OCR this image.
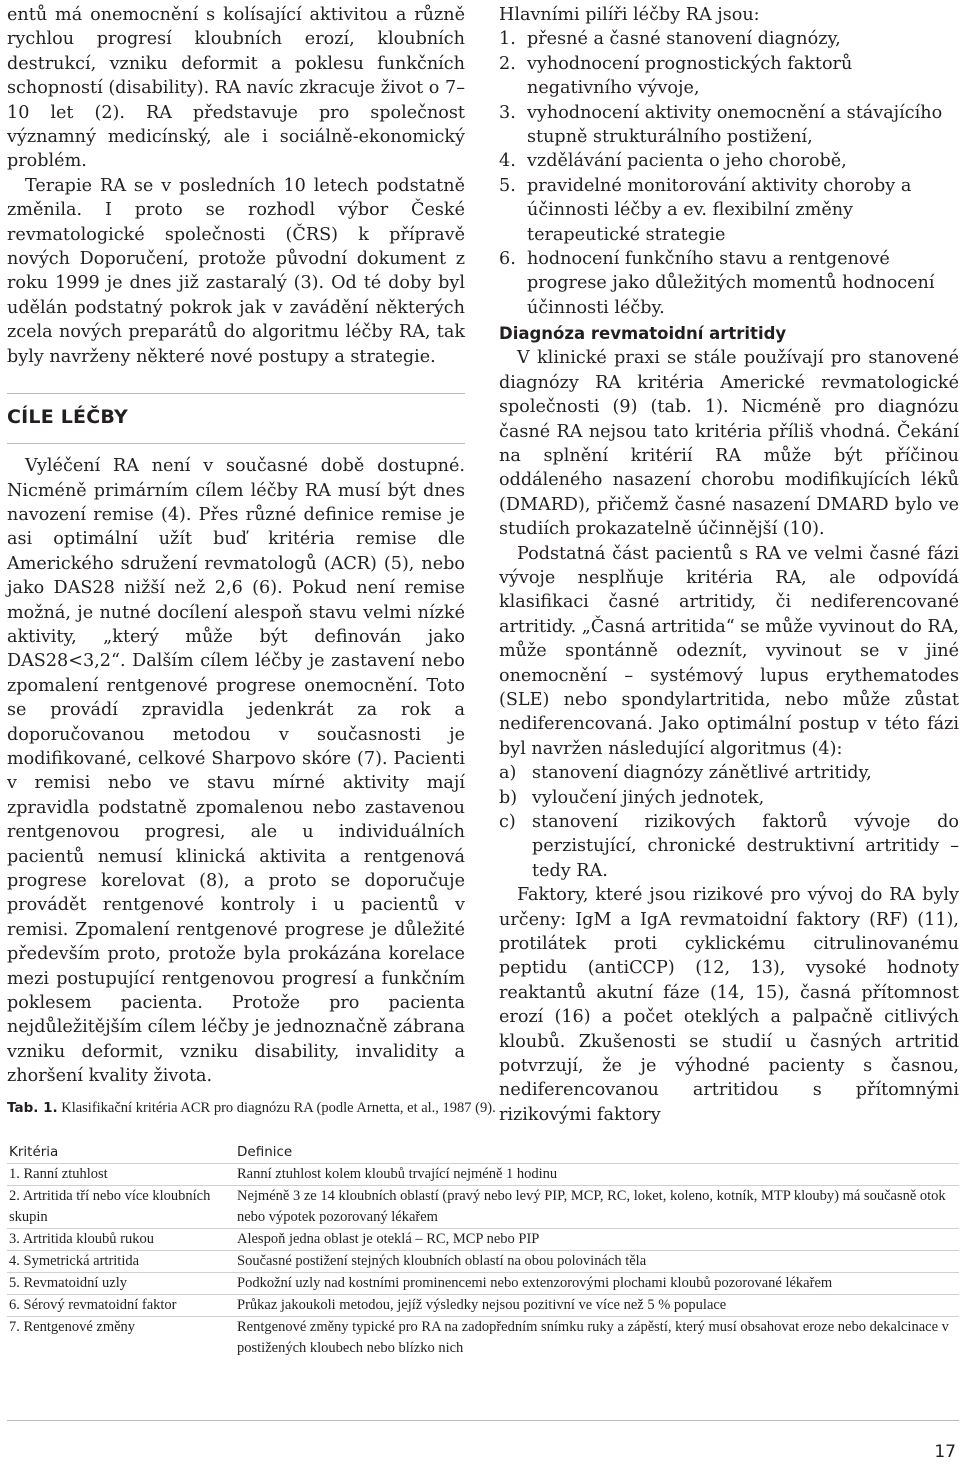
entů má onemocnění s kolísající aktivitou a různě rychlou progresí kloubních erozí, kloubních destrukcí, vzniku deformit a poklesu funkčních schopností (disability). RA navíc zkracuje život o 7–10 let (2). RA představuje pro společnost významný medicínský, ale i sociálně-ekonomický problém.

Terapie RA se v posledních 10 letech podstatně změnila. I proto se rozhodl výbor České revmatologické společnosti (ČRS) k přípravě nových Doporučení, protože původní dokument z roku 1999 je dnes již zastaralý (3). Od té doby byl udělán podstatný pokrok jak v zavádění některých zcela nových preparátů do algoritmu léčby RA, tak byly navrženy některé nové postupy a strategie.

CÍLE LÉČBY

Vyléčení RA není v současné době dostupné. Nicméně primárním cílem léčby RA musí být dnes navození remise (4). Přes různé definice remise je asi optimální užít buď kritéria remise dle Amerického sdružení revmatologů (ACR) (5), nebo jako DAS28 nižší než 2,6 (6). Pokud není remise možná, je nutné docílení alespoň stavu velmi nízké aktivity, „který může být definován jako DAS28<3,2“. Dalším cílem léčby je zastavení nebo zpomalení rentgenové progrese onemocnění. Toto se provádí zpravidla jedenkrát za rok a doporučovanou metodou v současnosti je modifikované, celkové Sharpovo skóre (7). Pacienti v remisi nebo ve stavu mírné aktivity mají zpravidla podstatně zpomalenou nebo zastavenou rentgenovou progresi, ale u individuálních pacientů nemusí klinická aktivita a rentgenová progrese korelovat (8), a proto se doporučuje provádět rentgenové kontroly i u pacientů v remisi. Zpomalení rentgenové progrese je důležité především proto, protože byla prokázána korelace mezi postupující rentgenovou progresí a funkčním poklesem pacienta. Protože pro pacienta nejdůležitějším cílem léčby je jednoznačně zábrana vzniku deformit, vzniku disability, invalidity a zhoršení kvality života.

Hlavními pilíři léčby RA jsou:
1. přesné a časné stanovení diagnózy,
2. vyhodnocení prognostických faktorů negativního vývoje,
3. vyhodnocení aktivity onemocnění a stávajícího stupně strukturálního postižení,
4. vzdělávání pacienta o jeho chorobě,
5. pravidelné monitorování aktivity choroby a účinnosti léčby a ev. flexibilní změny terapeutické strategie
6. hodnocení funkčního stavu a rentgenové progrese jako důležitých momentů hodnocení účinnosti léčby.
Diagnóza revmatoidní artritidy

V klinické praxi se stále používají pro stanovené diagnózy RA kritéria Americké revmatologické společnosti (9) (tab. 1). Nicméně pro diagnózu časné RA nejsou tato kritéria příliš vhodná. Čekání na splnění kritérií RA může být příčinou oddáleného nasazení chorobu modifikujících léků (DMARD), přičemž časné nasazení DMARD bylo ve studiích prokazatelně účinnější (10).

Podstatná část pacientů s RA ve velmi časné fázi vývoje nesplňuje kritéria RA, ale odpovídá klasifikaci časné artritidy, či nediferencované artritidy. „Časná artritida“ se může vyvinout do RA, může spontánně odeznít, vyvinout se v jiné onemocnění – systémový lupus erythematodes (SLE) nebo spondylartritida, nebo může zůstat nediferencovaná. Jako optimální postup v této fázi byl navržen následující algoritmus (4):

a) stanovení diagnózy zánětlivé artritidy,
b) vyloučení jiných jednotek,
c) stanovení rizikových faktorů vývoje do perzistující, chronické destruktivní artritidy – tedy RA.

Faktory, které jsou rizikové pro vývoj do RA byly určeny: IgM a IgA revmatoidní faktory (RF) (11), protilátek proti cyklickému citrulinovanému peptidu (antiCCP) (12, 13), vysoké hodnoty reaktantů akutní fáze (14, 15), časná přítomnost erozí (16) a počet oteklých a palpačně citlivých kloubů. Zkušenosti se studií u časných artritid potvrzují, že je výhodné pacienty s časnou, nediferencovanou artritidou s přítomnými rizikovými faktory

Tab. 1. Klasifikační kritéria ACR pro diagnózu RA (podle Arnetta, et al., 1987 (9).
Kritéria	Definice
1. Ranní ztuhlost	Ranní ztuhlost kolem kloubů trvající nejméně 1 hodinu
2. Artritida tří nebo více kloubních skupin	Nejméně 3 ze 14 kloubních oblastí (pravý nebo levý PIP, MCP, RC, loket, koleno, kotník, MTP klouby) má současně otok nebo výpotek pozorovaný lékařem
3. Artritida kloubů rukou	Alespoň jedna oblast je oteklá – RC, MCP nebo PIP
4. Symetrická artritida	Současné postižení stejných kloubních oblastí na obou polovinách těla
5. Revmatoidní uzly	Podkožní uzly nad kostními prominencemi nebo extenzorovými plochami kloubů pozorované lékařem
6. Sérový revmatoidní faktor	Průkaz jakoukoli metodou, jejíž výsledky nejsou pozitivní ve více než 5 % populace
7. Rentgenové změny	Rentgenové změny typické pro RA na zadopředním snímku ruky a zápěstí, který musí obsahovat eroze nebo dekalcinace v postižených kloubech nebo blízko nich
17
